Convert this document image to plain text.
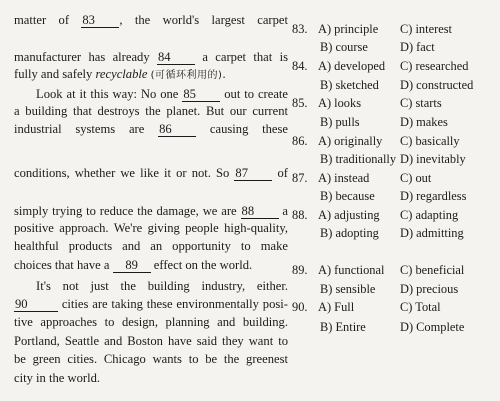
matter of 83 , the world's largest carpet
manufacturer has already 84	a carpet that is
fully and safely recyclable (可循环利用的).
Look at it this way: No one 85 out to create
a building that destroys the planet. But our current
industrial systems are 86	causing these
conditions, whether we like it or not. So 87 of
simply trying to reduce the damage, we are 88 a
positive approach. We're giving people high-quality,
healthful products and an opportunity to make
choices that have a 89 effect on the world.
It's not just the building industry, either.
90	cities are taking these environmentally posi-
tive approaches to design, planning and building.
Portland, Seattle and Boston have said they want to
be green cities. Chicago wants to be the greenest
city in the world.
83. A) principle C) interest
B) course	D) fact
84. A) developed C) researched
B) sketched D) constructed
85. A) looks	C) starts
B) pulls	D) makes
86. A) originally C) basically
B) traditionally D) inevitably
87. A) instead C) out
B) because D) regardless
88. A) adjusting C) adapting
B) adopting D) admitting
89. A) functional C) beneficial
B) sensible D) precious
90. A) Full	C) Total
B) Entire	D) Complete
